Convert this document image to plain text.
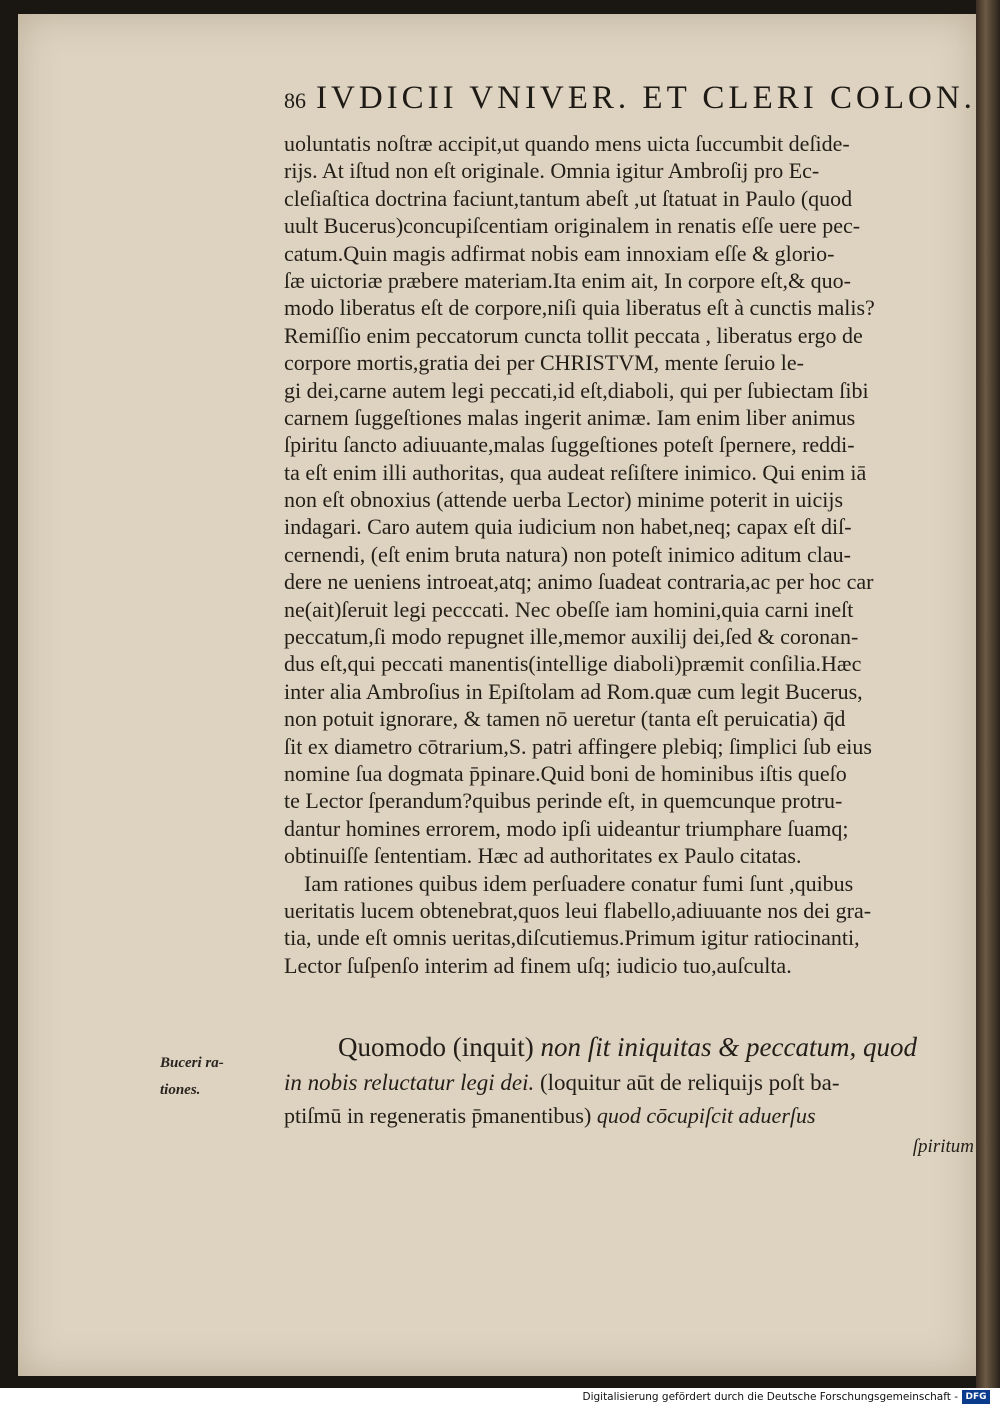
86 IVDICII VNIVER. ET CLERI COLON.
uoluntatis noſtræ accipit,ut quando mens uicta ſuccumbit deſide-
rijs. At iſtud non eſt originale. Omnia igitur Ambroſij pro Ec-
cleſiaſtica doctrina faciunt,tantum abeſt ,ut ſtatuat in Paulo (quod
uult Bucerus)concupiſcentiam originalem in renatis eſſe uere pec-
catum.Quin magis adfirmat nobis eam innoxiam eſſe & glorio-
ſæ uictoriæ præbere materiam.Ita enim ait, In corpore eſt,& quo-
modo liberatus eſt de corpore,niſi quia liberatus eſt à cunctis malis?
Remiſſio enim peccatorum cuncta tollit peccata , liberatus ergo de
corpore mortis,gratia dei per CHRISTVM, mente ſeruio le-
gi dei,carne autem legi peccati,id eſt,diaboli, qui per ſubiectam ſibi
carnem ſuggeſtiones malas ingerit animæ. Iam enim liber animus
ſpiritu ſancto adiuuante,malas ſuggeſtiones poteſt ſpernere, reddi-
ta eſt enim illi authoritas, qua audeat reſiſtere inimico. Qui enim iā
non eſt obnoxius (attende uerba Lector) minime poterit in uicijs
indagari. Caro autem quia iudicium non habet,neq; capax eſt diſ-
cernendi, (eſt enim bruta natura) non poteſt inimico aditum clau-
dere ne ueniens introeat,atq; animo ſuadeat contraria,ac per hoc car
ne(ait)ſeruit legi pecccati. Nec obeſſe iam homini,quia carni ineſt
peccatum,ſi modo repugnet ille,memor auxilij dei,ſed & coronan-
dus eſt,qui peccati manentis(intellige diaboli)præmit conſilia.Hæc
inter alia Ambroſius in Epiſtolam ad Rom.quæ cum legit Bucerus,
non potuit ignorare, & tamen nō ueretur (tanta eſt peruicatia) q̄d
ſit ex diametro cōtrarium,S. patri affingere plebiq; ſimplici ſub eius
nomine ſua dogmata p̄pinare.Quid boni de hominibus iſtis queſo
te Lector ſperandum?quibus perinde eſt, in quemcunque protru-
dantur homines errorem, modo ipſi uideantur triumphare ſuamq;
obtinuiſſe ſententiam. Hæc ad authoritates ex Paulo citatas.
Iam rationes quibus idem perſuadere conatur fumi ſunt ,quibus
ueritatis lucem obtenebrat,quos leui flabello,adiuuante nos dei gra-
tia, unde eſt omnis ueritas,diſcutiemus.Primum igitur ratiocinanti,
Lector ſuſpenſo interim ad finem uſq; iudicio tuo,auſculta.
Quomodo (inquit) non ſit iniquitas & peccatum, quod
in nobis reluctatur legi dei. (loquitur aūt de reliquijs poſt ba-
ptiſmū in regeneratis p̄manentibus) quod cōcupiſcit aduerſus
ſpiritum
Buceri ra-
tiones.
Digitalisierung gefördert durch die Deutsche Forschungsgemeinschaft - DFG
